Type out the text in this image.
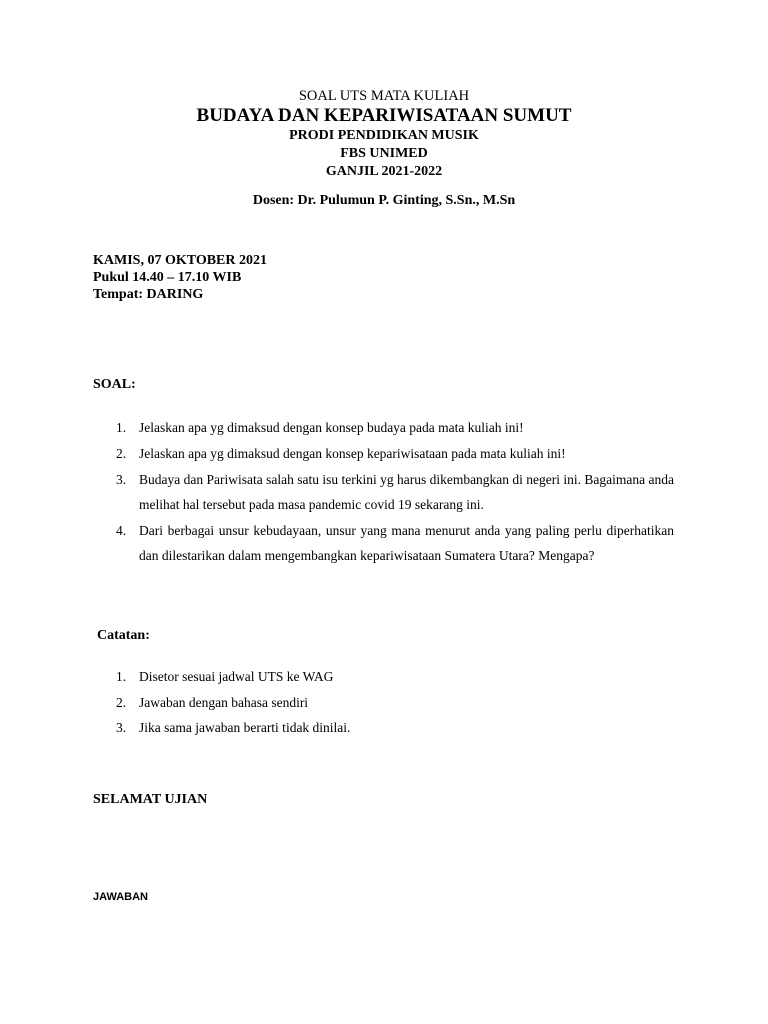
SOAL UTS MATA KULIAH
BUDAYA DAN KEPARIWISATAAN SUMUT
PRODI PENDIDIKAN MUSIK
FBS UNIMED
GANJIL 2021-2022
Dosen: Dr. Pulumun P. Ginting, S.Sn., M.Sn
KAMIS, 07 OKTOBER 2021
Pukul 14.40 – 17.10 WIB
Tempat: DARING
SOAL:
1. Jelaskan apa yg dimaksud dengan konsep budaya pada mata kuliah ini!
2. Jelaskan apa yg dimaksud dengan konsep kepariwisataan pada mata kuliah ini!
3. Budaya dan Pariwisata salah satu isu terkini yg harus dikembangkan di negeri ini. Bagaimana anda melihat hal tersebut pada masa pandemic covid 19 sekarang ini.
4. Dari berbagai unsur kebudayaan, unsur yang mana menurut anda yang paling perlu diperhatikan dan dilestarikan dalam mengembangkan kepariwisataan Sumatera Utara? Mengapa?
Catatan:
1. Disetor sesuai jadwal UTS ke WAG
2. Jawaban dengan bahasa sendiri
3. Jika sama jawaban berarti tidak dinilai.
SELAMAT UJIAN
JAWABAN
